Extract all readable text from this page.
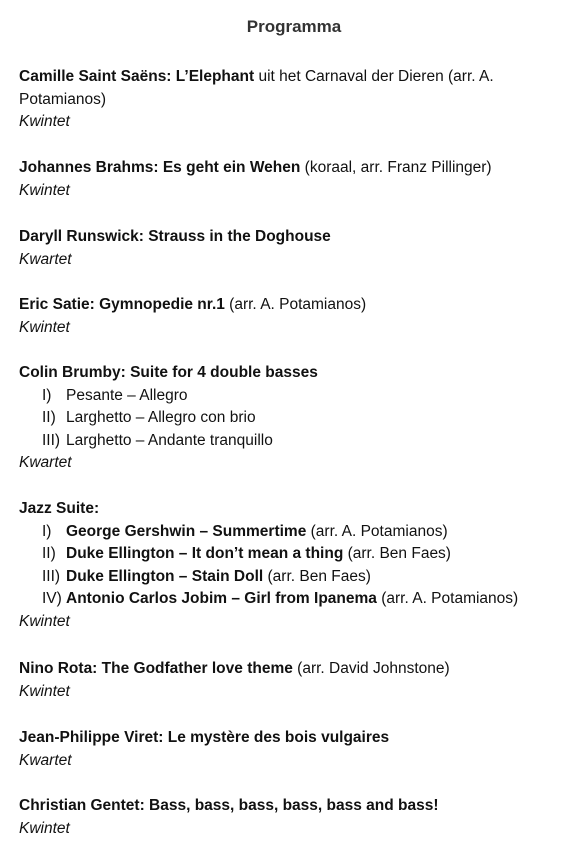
Programma
Camille Saint Saëns: L’Elephant uit het Carnaval der Dieren (arr. A.
Potamianos)
Kwintet
Johannes Brahms: Es geht ein Wehen (koraal, arr. Franz Pillinger)
Kwintet
Daryll Runswick: Strauss in the Doghouse
Kwartet
Eric Satie: Gymnopedie nr.1 (arr. A. Potamianos)
Kwintet
Colin Brumby: Suite for 4 double basses
I) Pesante – Allegro
II) Larghetto – Allegro con brio
III) Larghetto – Andante tranquillo
Kwartet
Jazz Suite:
I) George Gershwin – Summertime (arr. A. Potamianos)
II) Duke Ellington – It don’t mean a thing (arr. Ben Faes)
III) Duke Ellington – Stain Doll (arr. Ben Faes)
IV) Antonio Carlos Jobim – Girl from Ipanema (arr. A. Potamianos)
Kwintet
Nino Rota: The Godfather love theme (arr. David Johnstone)
Kwintet
Jean-Philippe Viret: Le mystère des bois vulgaires
Kwartet
Christian Gentet: Bass, bass, bass, bass, bass and bass!
Kwintet
